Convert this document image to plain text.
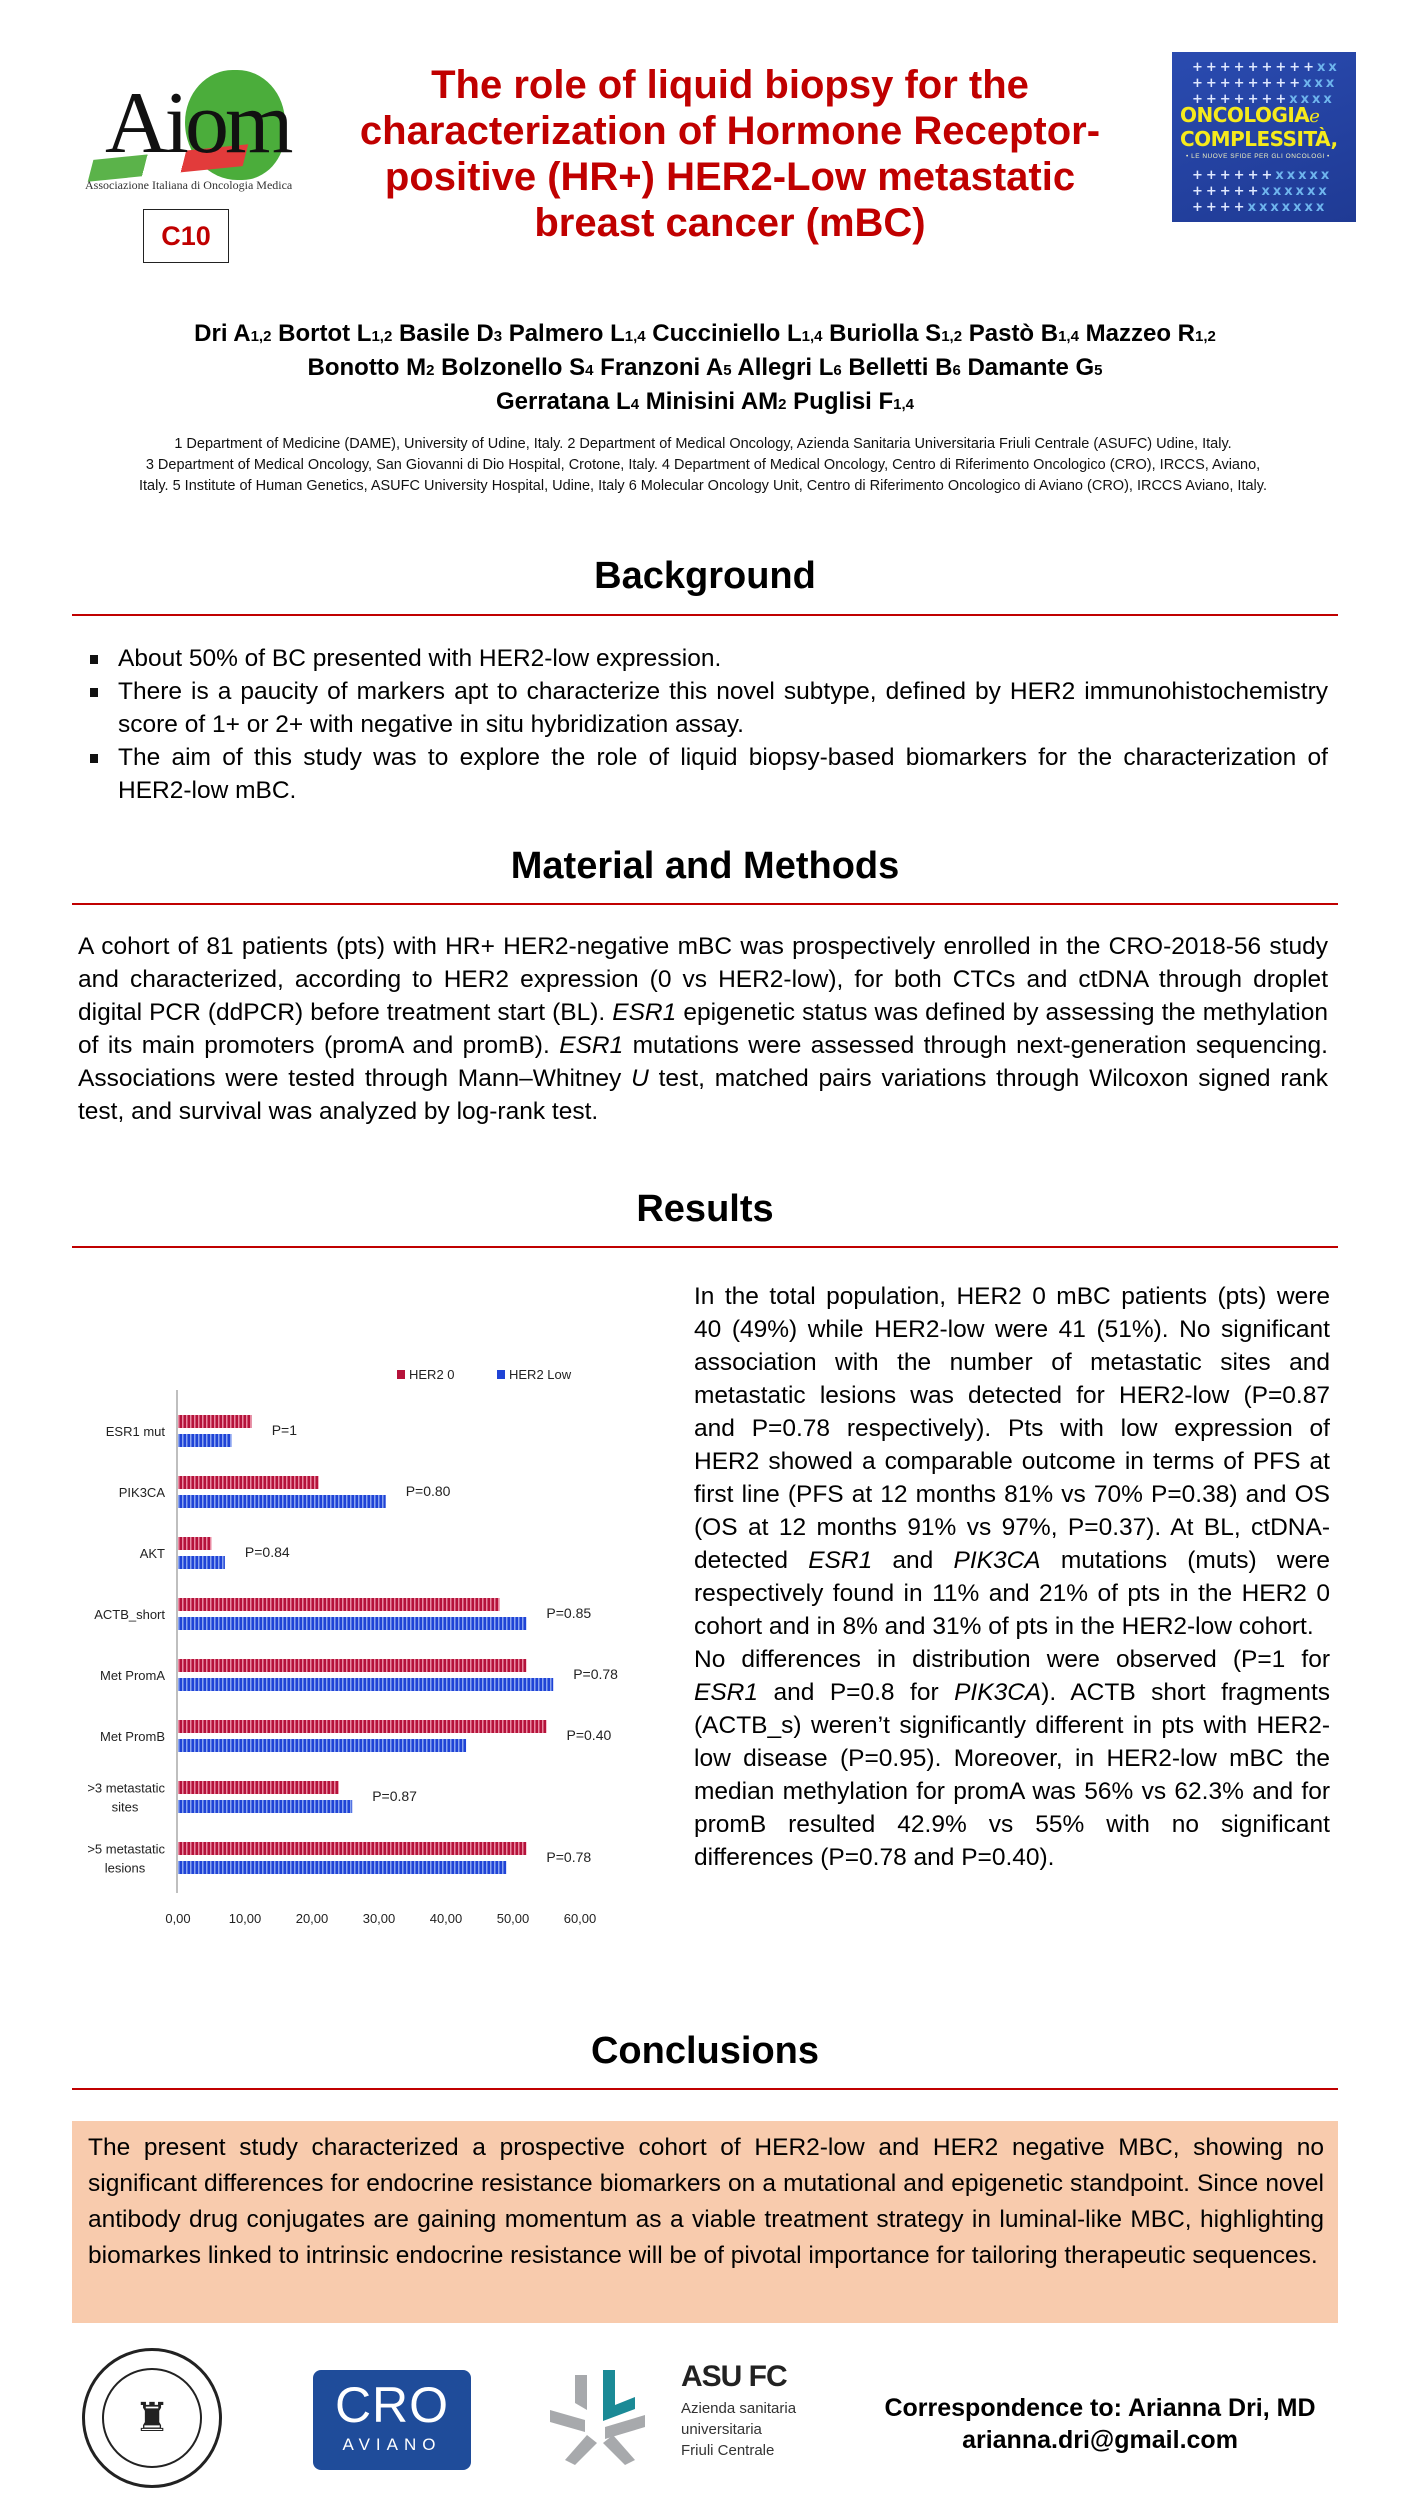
Aiom
Associazione Italiana di Oncologia Medica
C10
The role of liquid biopsy for the characterization of Hormone Receptor-positive (HR+) HER2-Low metastatic breast cancer (mBC)
+++++++++xx
++++++++xxx
+++++++xxxx
ONCOLOGIAe
COMPLESSITÀ,
• LE NUOVE SFIDE PER GLI ONCOLOGI •
++++++xxxxx
+++++xxxxxx
++++xxxxxxx
Dri A1,2 Bortot L1,2 Basile D3 Palmero L1,4 Cucciniello L1,4 Buriolla S1,2 Pastò B1,4 Mazzeo R1,2
Bonotto M2 Bolzonello S4 Franzoni A5 Allegri L6 Belletti B6 Damante G5
Gerratana L4 Minisini AM2 Puglisi F1,4
1 Department of Medicine (DAME), University of Udine, Italy. 2 Department of Medical Oncology, Azienda Sanitaria Universitaria Friuli Centrale (ASUFC) Udine, Italy.
3 Department of Medical Oncology, San Giovanni di Dio Hospital, Crotone, Italy. 4 Department of Medical Oncology, Centro di Riferimento Oncologico (CRO), IRCCS, Aviano,
Italy. 5 Institute of Human Genetics, ASUFC University Hospital, Udine, Italy 6 Molecular Oncology Unit, Centro di Riferimento Oncologico di Aviano (CRO), IRCCS Aviano, Italy.
Background
About 50% of BC presented with HER2-low expression.
There is a paucity of markers apt to characterize this novel subtype, defined by HER2 immunohistochemistry score of 1+ or 2+ with negative in situ hybridization assay.
The aim of this study was to explore the role of liquid biopsy-based biomarkers for the characterization of HER2-low mBC.
Material and Methods
A cohort of 81 patients (pts) with HR+ HER2-negative mBC was prospectively enrolled in the CRO-2018-56 study and characterized, according to HER2 expression (0 vs HER2-low), for both CTCs and ctDNA through droplet digital PCR (ddPCR) before treatment start (BL). ESR1 epigenetic status was defined by assessing the methylation of its main promoters (promA and promB). ESR1 mutations were assessed through next-generation sequencing. Associations were tested through Mann–Whitney U test, matched pairs variations through Wilcoxon signed rank test, and survival was analyzed by log-rank test.
Results
HER2 0	HER2 Low
ESR1 mut	P=1
PIK3CA	P=0.80
AKT	P=0.84
ACTB_short	P=0.85
Met PromA	P=0.78
Met PromB	P=0.40
>3 metastatic
sites
P=0.87
>5 metastatic
lesions
P=0.78
0,00	10,00	20,00	30,00	40,00	50,00	60,00
In the total population, HER2 0 mBC patients (pts) were 40 (49%) while HER2-low were 41 (51%). No significant association with the number of metastatic sites and metastatic lesions was detected for HER2-low (P=0.87 and P=0.78 respectively). Pts with low expression of HER2 showed a comparable outcome in terms of PFS at first line (PFS at 12 months 81% vs 70% P=0.38) and OS (OS at 12 months 91% vs 97%, P=0.37). At BL, ctDNA-detected ESR1 and PIK3CA mutations (muts) were respectively found in 11% and 21% of pts in the HER2 0 cohort and in 8% and 31% of pts in the HER2-low cohort.
No differences in distribution were observed (P=1 for ESR1 and P=0.8 for PIK3CA). ACTB short fragments (ACTB_s) weren’t significantly different in pts with HER2-low disease (P=0.95). Moreover, in HER2-low mBC the median methylation for promA was 56% vs 62.3% and for promB resulted 42.9% vs 55% with no significant differences (P=0.78 and P=0.40).
Conclusions
The present study characterized a prospective cohort of HER2-low and HER2 negative MBC, showing no significant differences for endocrine resistance biomarkers on a mutational and epigenetic standpoint. Since novel antibody drug conjugates are gaining momentum as a viable treatment strategy in luminal-like MBC, highlighting biomarkes linked to intrinsic endocrine resistance will be of pivotal importance for tailoring therapeutic sequences.
♜	CRO
AVIANO
ASU FC
Azienda sanitaria
universitaria
Friuli Centrale
Correspondence to: Arianna Dri, MD
arianna.dri@gmail.com
